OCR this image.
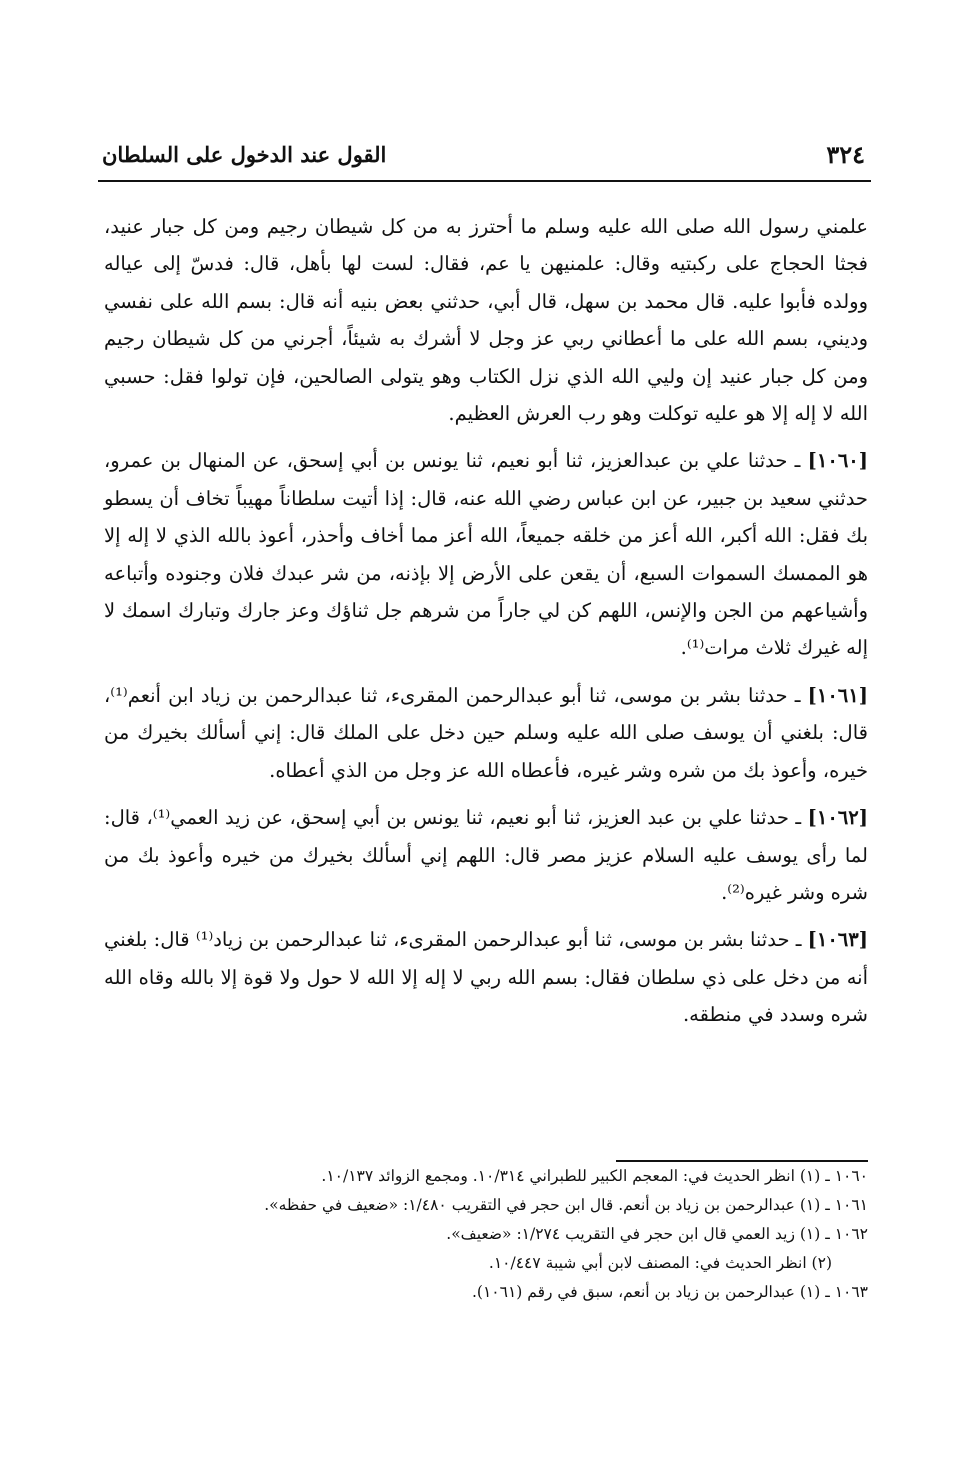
٣٢٤
القول عند الدخول على السلطان

علمني رسول الله صلى الله عليه وسلم ما أحترز به من كل شيطان رجيم ومن كل جبار عنيد، فجثا الحجاج على ركبتيه وقال: علمنيهن يا عم، فقال: لست لها بأهل، قال: فدسّ إلى عياله وولده فأبوا عليه. قال محمد بن سهل، قال أبي، حدثني بعض بنيه أنه قال: بسم الله على نفسي وديني، بسم الله على ما أعطاني ربي عز وجل لا أشرك به شيئاً، أجرني من كل شيطان رجيم ومن كل جبار عنيد إن وليي الله الذي نزل الكتاب وهو يتولى الصالحين، فإن تولوا فقل: حسبي الله لا إله إلا هو عليه توكلت وهو رب العرش العظيم.

[١٠٦٠] ـ حدثنا علي بن عبدالعزيز، ثنا أبو نعيم، ثنا يونس بن أبي إسحق، عن المنهال بن عمرو، حدثني سعيد بن جبير، عن ابن عباس رضي الله عنه، قال: إذا أتيت سلطاناً مهيباً تخاف أن يسطو بك فقل: الله أكبر، الله أعز من خلقه جميعاً، الله أعز مما أخاف وأحذر، أعوذ بالله الذي لا إله إلا هو الممسك السموات السبع، أن يقعن على الأرض إلا بإذنه، من شر عبدك فلان وجنوده وأتباعه وأشياعهم من الجن والإنس، اللهم كن لي جاراً من شرهم جل ثناؤك وعز جارك وتبارك اسمك لا إله غيرك ثلاث مرات⁽¹⁾.

[١٠٦١] ـ حدثنا بشر بن موسى، ثنا أبو عبدالرحمن المقرىء، ثنا عبدالرحمن بن زياد ابن أنعم⁽¹⁾، قال: بلغني أن يوسف صلى الله عليه وسلم حين دخل على الملك قال: إني أسألك بخيرك من خيره، وأعوذ بك من شره وشر غيره، فأعطاه الله عز وجل من الذي أعطاه.

[١٠٦٢] ـ حدثنا علي بن عبد العزيز، ثنا أبو نعيم، ثنا يونس بن أبي إسحق، عن زيد العمي⁽¹⁾، قال: لما رأى يوسف عليه السلام عزيز مصر قال: اللهم إني أسألك بخيرك من خيره وأعوذ بك من شره وشر غيره⁽²⁾.

[١٠٦٣] ـ حدثنا بشر بن موسى، ثنا أبو عبدالرحمن المقرىء، ثنا عبدالرحمن بن زياد⁽¹⁾ قال: بلغني أنه من دخل على ذي سلطان فقال: بسم الله ربي لا إله إلا الله لا حول ولا قوة إلا بالله وقاه الله شره وسدد في منطقه.

١٠٦٠ ـ (١) انظر الحديث في: المعجم الكبير للطبراني ١٠/٣١٤. ومجمع الزوائد ١٠/١٣٧.

١٠٦١ ـ (١) عبدالرحمن بن زياد بن أنعم. قال ابن حجر في التقريب ١/٤٨٠: «ضعيف في حفظه».

١٠٦٢ ـ (١) زيد العمي قال ابن حجر في التقريب ١/٢٧٤: «ضعيف».

(٢) انظر الحديث في: المصنف لابن أبي شيبة ١٠/٤٤٧.

١٠٦٣ ـ (١) عبدالرحمن بن زياد بن أنعم، سبق في رقم (١٠٦١).
